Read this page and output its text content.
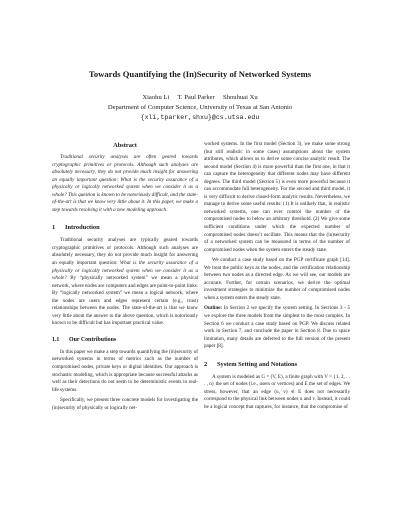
Towards Quantifying the (In)Security of Networked Systems
Xiaohu Li     T. Paul Parker     Shouhuai Xu
Department of Computer Science, University of Texas at San Antonio
{xli,tparker,shxu}@cs.utsa.edu
Abstract

Traditional security analyses are often geared towards cryptographic primitives or protocols. Although such analyses are absolutely necessary, they do not provide much insight for answering an equally important question: What is the security assurance of a physically or logically networked system when we consider it as a whole? This question is known to be notoriously difficult, and the state-of-the-art is that we know very little about it. In this paper, we make a step towards resolving it with a new modeling approach.

1 Introduction

Traditional security analyses are typically geared towards cryptographic primitives or protocols. Although such analyses are absolutely necessary, they do not provide much insight for answering an equally important question: What is the security assurance of a physically or logically networked system when we consider it as a whole? By “physically networked system” we mean a physical network, where nodes are computers and edges are point-to-point links. By “logically networked system” we mean a logical network, where the nodes are users and edges represent certain (e.g., trust) relationships between the nodes. The state-of-the-art is that we know very little about the answer to the above question, which is notoriously known to be difficult but has important practical value.

1.1 Our Contributions

In this paper we make a step towards quantifying the (in)security of networked systems in terms of metrics such as the number of compromised nodes, private keys or digital identities. Our approach is stochastic modeling, which is appropriate because successful attacks as well as their detections do not seem to be deterministic events in real-life systems.

Specifically, we present three concrete models for investigating the (in)security of physically or logically net-

worked systems. In the first model (Section 3), we make some strong (but still realistic in some cases) assumptions about the system attributes, which allows us to derive some concise analytic result. The second model (Section 4) is more powerful than the first one, in that it can capture the heterogeneity that different nodes may have different degrees. The third model (Section 5) is even more powerful because it can accommodate full heterogeneity. For the second and third model, it is very difficult to derive closed-form analytic results. Nevertheless, we manage to derive some useful results: (1) It is unlikely that, in realistic networked systems, one can ever control the number of the compromised nodes to below an arbitrary threshold. (2) We give some sufficient conditions under which the expected number of compromised nodes doesn’t oscillate. This means that the (in)security of a networked system can be measured in terms of the number of compromised nodes when the system enters the steady state.

We conduct a case study based on the PGP certificate graph [14]. We treat the public keys as the nodes, and the certification relationship between two nodes as a directed edge. As we will see, our models are accurate. Further, for certain scenarios, we derive the optimal investment strategies to minimize the number of compromised nodes when a system enters the steady state.

Outline: In Section 2 we specify the system setting. In Sections 3 - 5 we explore the three models from the simplest to the most complex. In Section 6 we conduct a case study based on PGP. We discuss related work in Section 7, and conclude the paper in Section 8. Due to space limitation, many details are deferred to the full version of the present paper [8].

2 System Setting and Notations

A system is modeled as G = (V, E), a finite graph with V = {1, 2, . . . , n} the set of nodes (i.e., users or vertices) and E the set of edges. We stress, however, that an edge (u, v) ∈ E does not necessarily correspond to the physical link between nodes u and v. Instead, it could be a logical concept that captures, for instance, that the compromise of
